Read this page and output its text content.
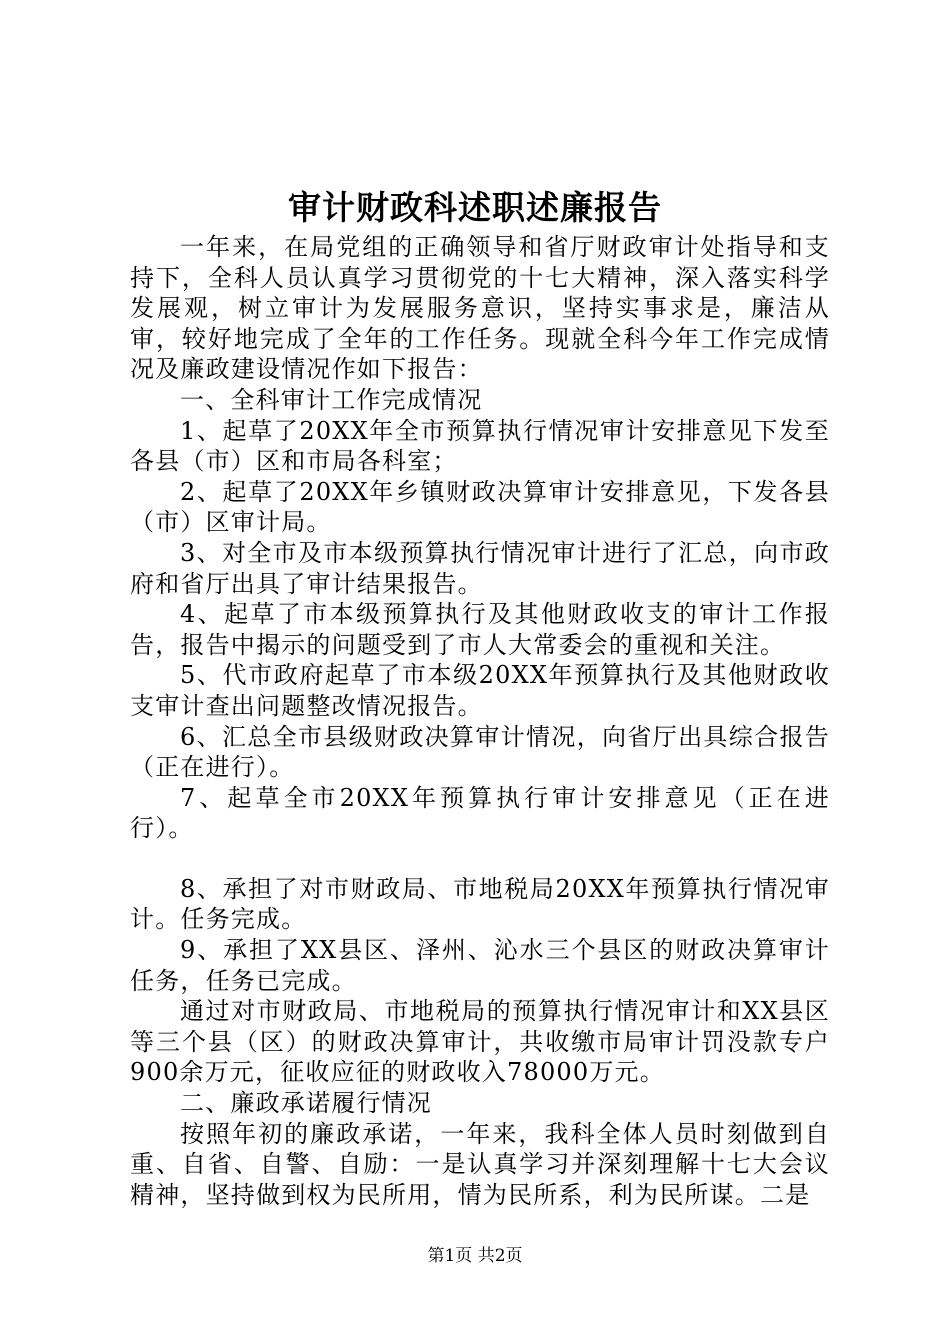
审计财政科述职述廉报告

一年来，在局党组的正确领导和省厅财政审计处指导和支持下，全科人员认真学习贯彻党的十七大精神，深入落实科学发展观，树立审计为发展服务意识，坚持实事求是，廉洁从审，较好地完成了全年的工作任务。现就全科今年工作完成情况及廉政建设情况作如下报告：

一、全科审计工作完成情况

1、起草了20XX年全市预算执行情况审计安排意见下发至各县（市）区和市局各科室；

2、起草了20XX年乡镇财政决算审计安排意见，下发各县（市）区审计局。

3、对全市及市本级预算执行情况审计进行了汇总，向市政府和省厅出具了审计结果报告。

4、起草了市本级预算执行及其他财政收支的审计工作报告，报告中揭示的问题受到了市人大常委会的重视和关注。

5、代市政府起草了市本级20XX年预算执行及其他财政收支审计查出问题整改情况报告。

6、汇总全市县级财政决算审计情况，向省厅出具综合报告（正在进行）。

7、起草全市20XX年预算执行审计安排意见（正在进行）。

8、承担了对市财政局、市地税局20XX年预算执行情况审计。任务完成。

9、承担了XX县区、泽州、沁水三个县区的财政决算审计任务，任务已完成。

通过对市财政局、市地税局的预算执行情况审计和XX县区等三个县（区）的财政决算审计，共收缴市局审计罚没款专户900余万元，征收应征的财政收入78000万元。

二、廉政承诺履行情况

按照年初的廉政承诺，一年来，我科全体人员时刻做到自重、自省、自警、自励：一是认真学习并深刻理解十七大会议精神，坚持做到权为民所用，情为民所系，利为民所谋。二是

第1页 共2页
